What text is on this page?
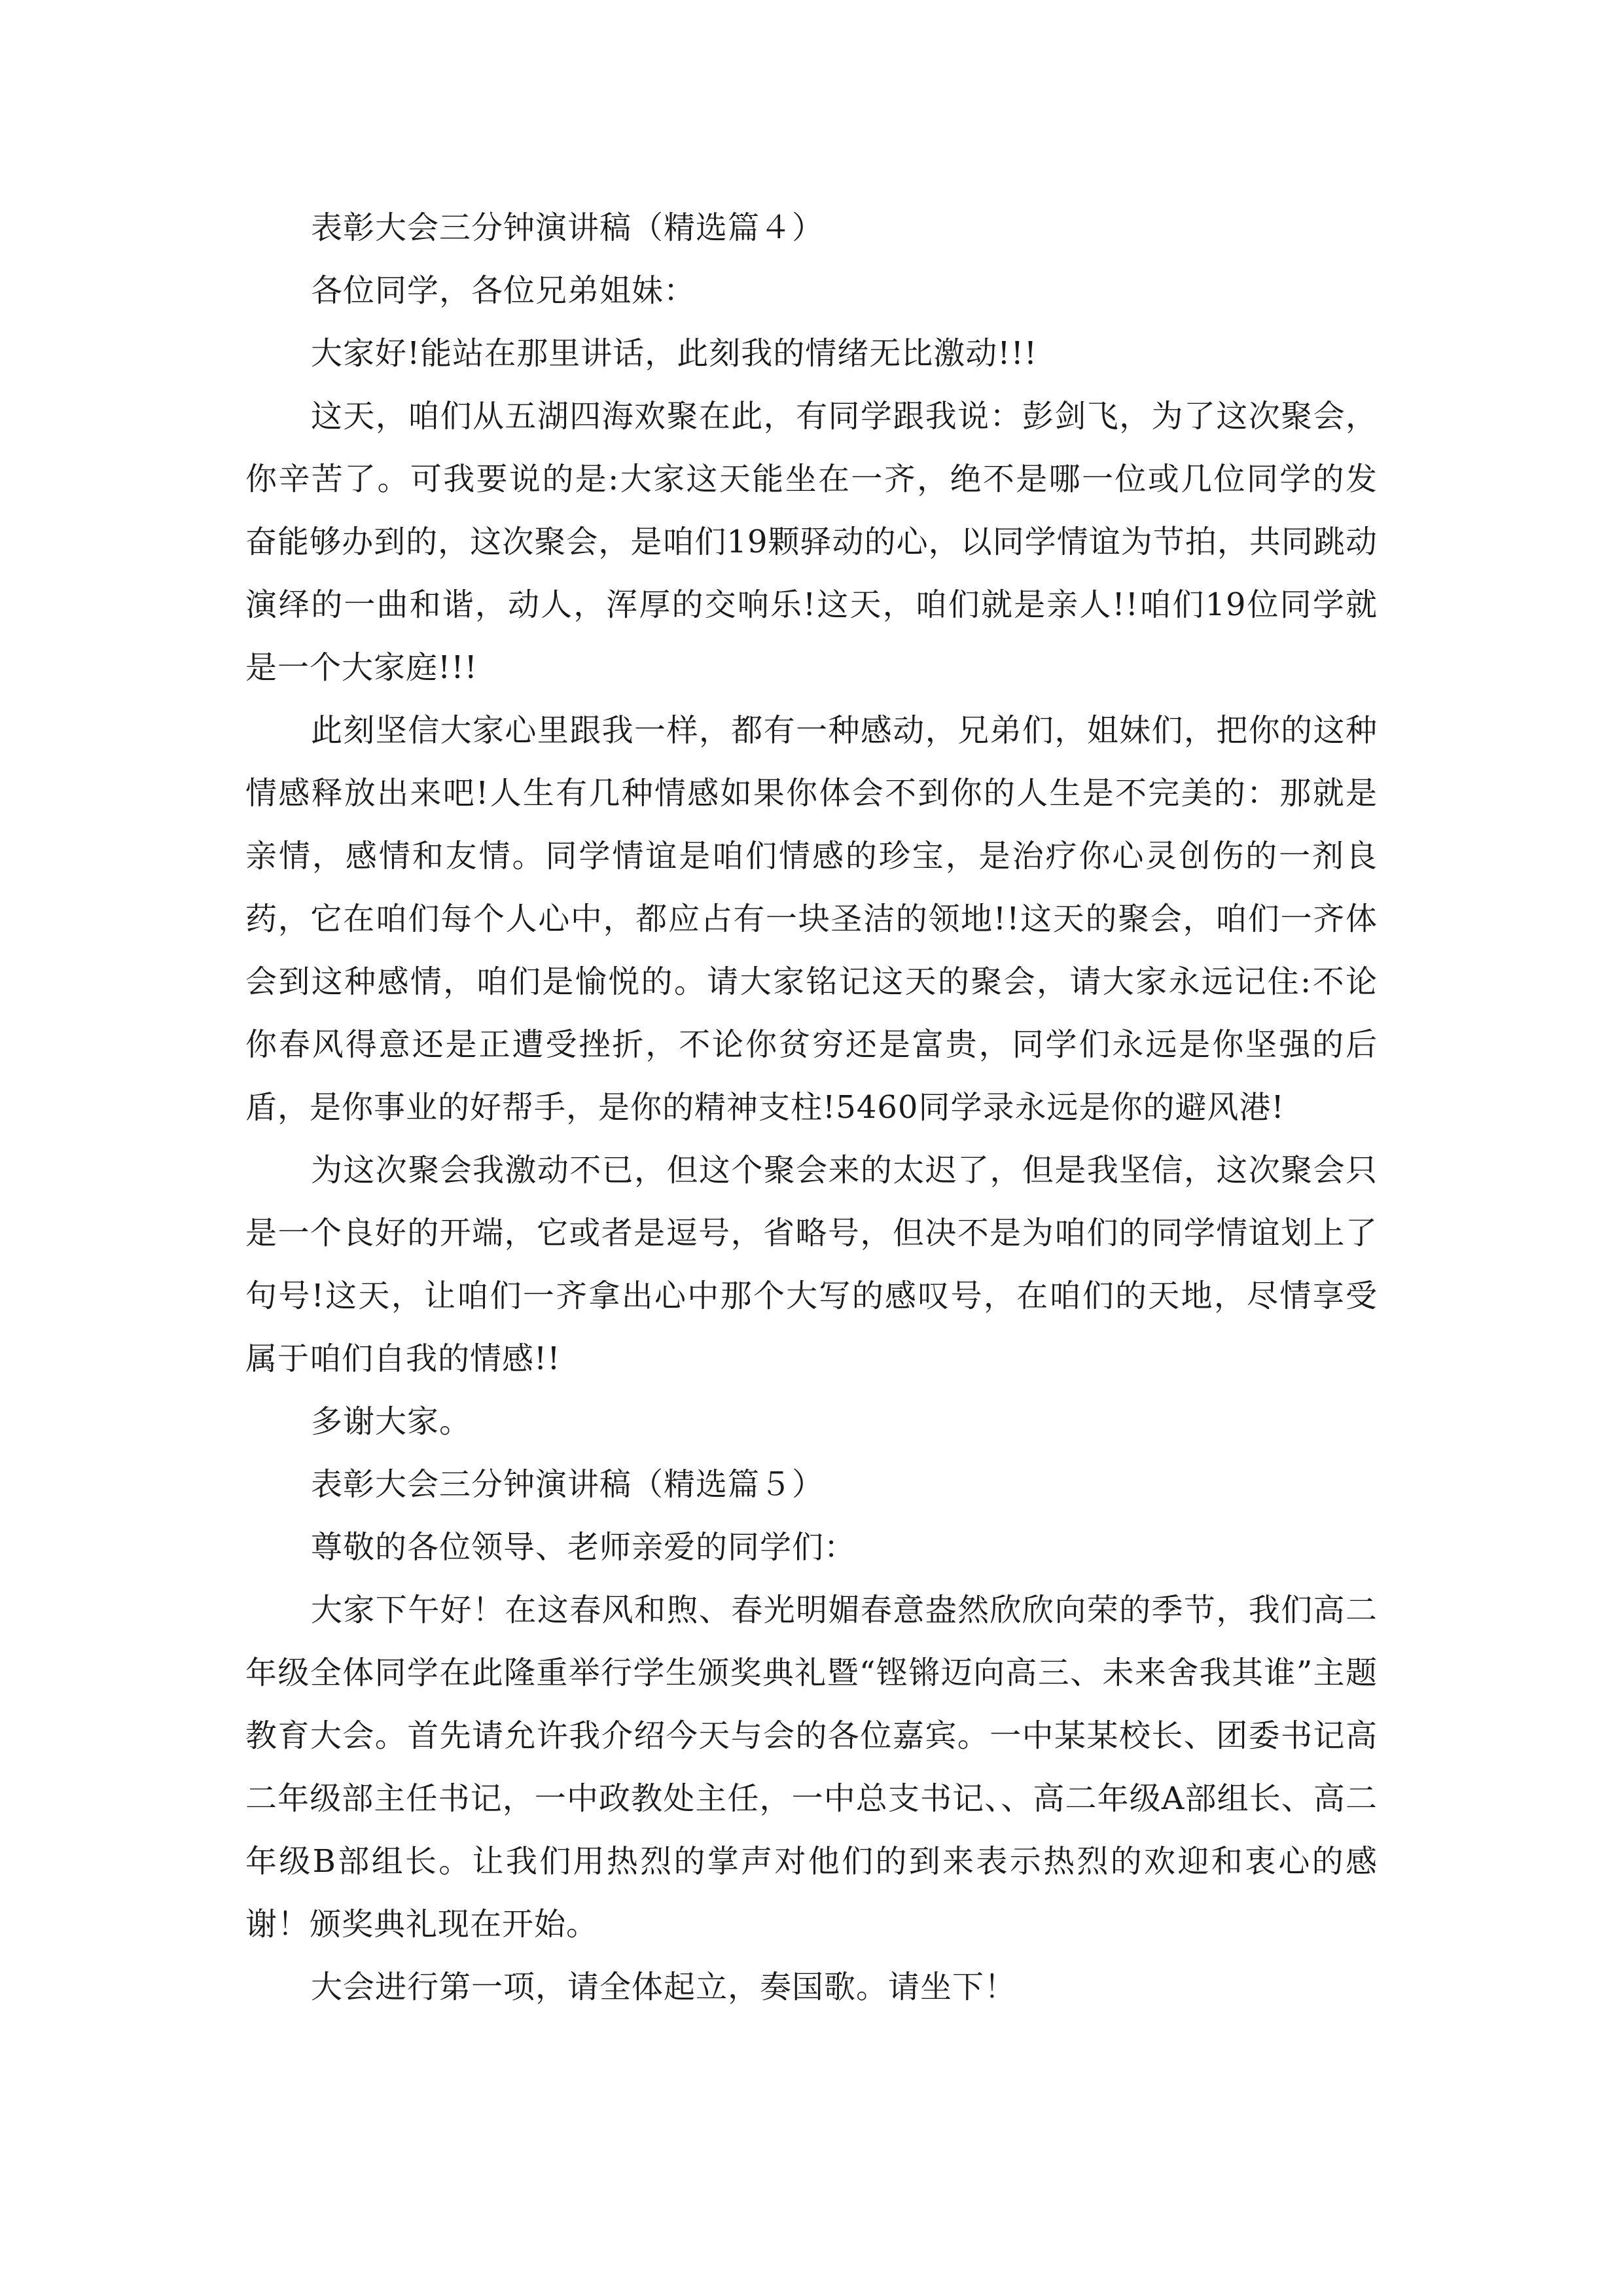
表彰大会三分钟演讲稿（精选篇４）

各位同学，各位兄弟姐妹：

大家好!能站在那里讲话，此刻我的情绪无比激动!!!

这天，咱们从五湖四海欢聚在此，有同学跟我说：彭剑飞，为了这次聚会，你辛苦了。可我要说的是:大家这天能坐在一齐，绝不是哪一位或几位同学的发奋能够办到的，这次聚会，是咱们19颗驿动的心，以同学情谊为节拍，共同跳动演绎的一曲和谐，动人，浑厚的交响乐!这天，咱们就是亲人!!咱们19位同学就是一个大家庭!!!

此刻坚信大家心里跟我一样，都有一种感动，兄弟们，姐妹们，把你的这种情感释放出来吧!人生有几种情感如果你体会不到你的人生是不完美的：那就是亲情，感情和友情。同学情谊是咱们情感的珍宝，是治疗你心灵创伤的一剂良药，它在咱们每个人心中，都应占有一块圣洁的领地!!这天的聚会，咱们一齐体会到这种感情，咱们是愉悦的。请大家铭记这天的聚会，请大家永远记住:不论你春风得意还是正遭受挫折，不论你贫穷还是富贵，同学们永远是你坚强的后盾，是你事业的好帮手，是你的精神支柱!5460同学录永远是你的避风港!

为这次聚会我激动不已，但这个聚会来的太迟了，但是我坚信，这次聚会只是一个良好的开端，它或者是逗号，省略号，但决不是为咱们的同学情谊划上了句号!这天，让咱们一齐拿出心中那个大写的感叹号，在咱们的天地，尽情享受属于咱们自我的情感!!

多谢大家。

表彰大会三分钟演讲稿（精选篇５）

尊敬的各位领导、老师亲爱的同学们：

大家下午好！在这春风和煦、春光明媚春意盎然欣欣向荣的季节，我们高二年级全体同学在此隆重举行学生颁奖典礼暨“铿锵迈向高三、未来舍我其谁”主题教育大会。首先请允许我介绍今天与会的各位嘉宾。一中某某校长、团委书记高二年级部主任书记，一中政教处主任，一中总支书记、、高二年级A部组长、高二年级B部组长。让我们用热烈的掌声对他们的到来表示热烈的欢迎和衷心的感谢！颁奖典礼现在开始。

大会进行第一项，请全体起立，奏国歌。请坐下！
